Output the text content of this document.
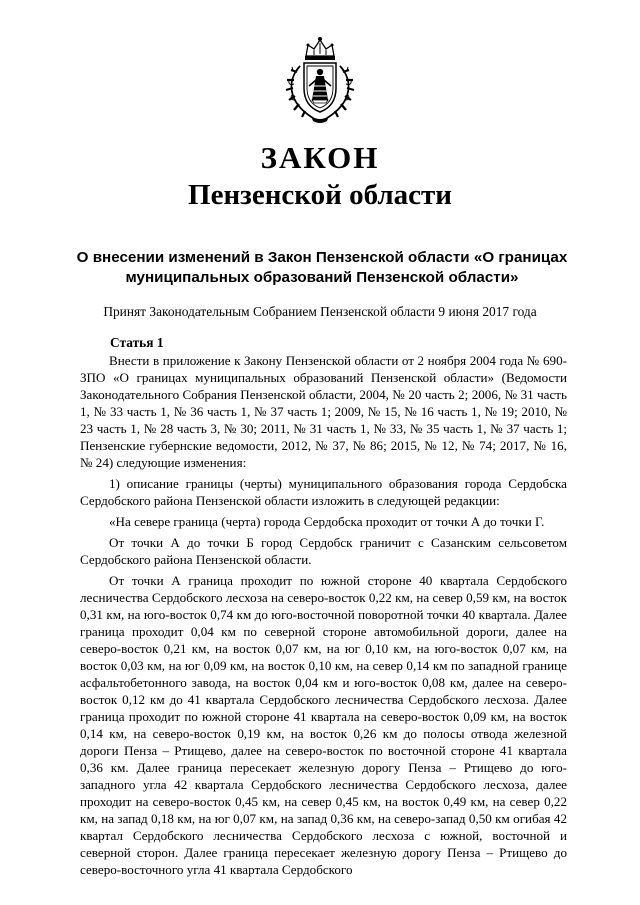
ЗАКОН
Пензенской области
О внесении изменений в Закон Пензенской области «О границах муниципальных образований Пензенской области»
Принят Законодательным Собранием Пензенской области 9 июня 2017 года
Статья 1

Внести в приложение к Закону Пензенской области от 2 ноября 2004 года № 690-ЗПО «О границах муниципальных образований Пензенской области» (Ведомости Законодательного Собрания Пензенской области, 2004, № 20 часть 2; 2006, № 31 часть 1, № 33 часть 1, № 36 часть 1, № 37 часть 1; 2009, № 15, № 16 часть 1, № 19; 2010, № 23 часть 1, № 28 часть 3, № 30; 2011, № 31 часть 1, № 33, № 35 часть 1, № 37 часть 1; Пензенские губернские ведомости, 2012, № 37, № 86; 2015, № 12, № 74; 2017, № 16, № 24) следующие изменения:

1) описание границы (черты) муниципального образования города Сердобска Сердобского района Пензенской области изложить в следующей редакции:

«На севере граница (черта) города Сердобска проходит от точки А до точки Г.

От точки А до точки Б город Сердобск граничит с Сазанским сельсоветом Сердобского района Пензенской области.

От точки А граница проходит по южной стороне 40 квартала Сердобского лесничества Сердобского лесхоза на северо-восток 0,22 км, на север 0,59 км, на восток 0,31 км, на юго-восток 0,74 км до юго-восточной поворотной точки 40 квартала. Далее граница проходит 0,04 км по северной стороне автомобильной дороги, далее на северо-восток 0,21 км, на восток 0,07 км, на юг 0,10 км, на юго-восток 0,07 км, на восток 0,03 км, на юг 0,09 км, на восток 0,10 км, на север 0,14 км по западной границе асфальтобетонного завода, на восток 0,04 км и юго-восток 0,08 км, далее на северо-восток 0,12 км до 41 квартала Сердобского лесничества Сердобского лесхоза. Далее граница проходит по южной стороне 41 квартала на северо-восток 0,09 км, на восток 0,14 км, на северо-восток 0,19 км, на восток 0,26 км до полосы отвода железной дороги Пенза – Ртищево, далее на северо-восток по восточной стороне 41 квартала 0,36 км. Далее граница пересекает железную дорогу Пенза – Ртищево до юго-западного угла 42 квартала Сердобского лесничества Сердобского лесхоза, далее проходит на северо-восток 0,45 км, на север 0,45 км, на восток 0,49 км, на север 0,22 км, на запад 0,18 км, на юг 0,07 км, на запад 0,36 км, на северо-запад 0,50 км огибая 42 квартал Сердобского лесничества Сердобского лесхоза с южной, восточной и северной сторон. Далее граница пересекает железную дорогу Пенза – Ртищево до северо-восточного угла 41 квартала Сердобского
